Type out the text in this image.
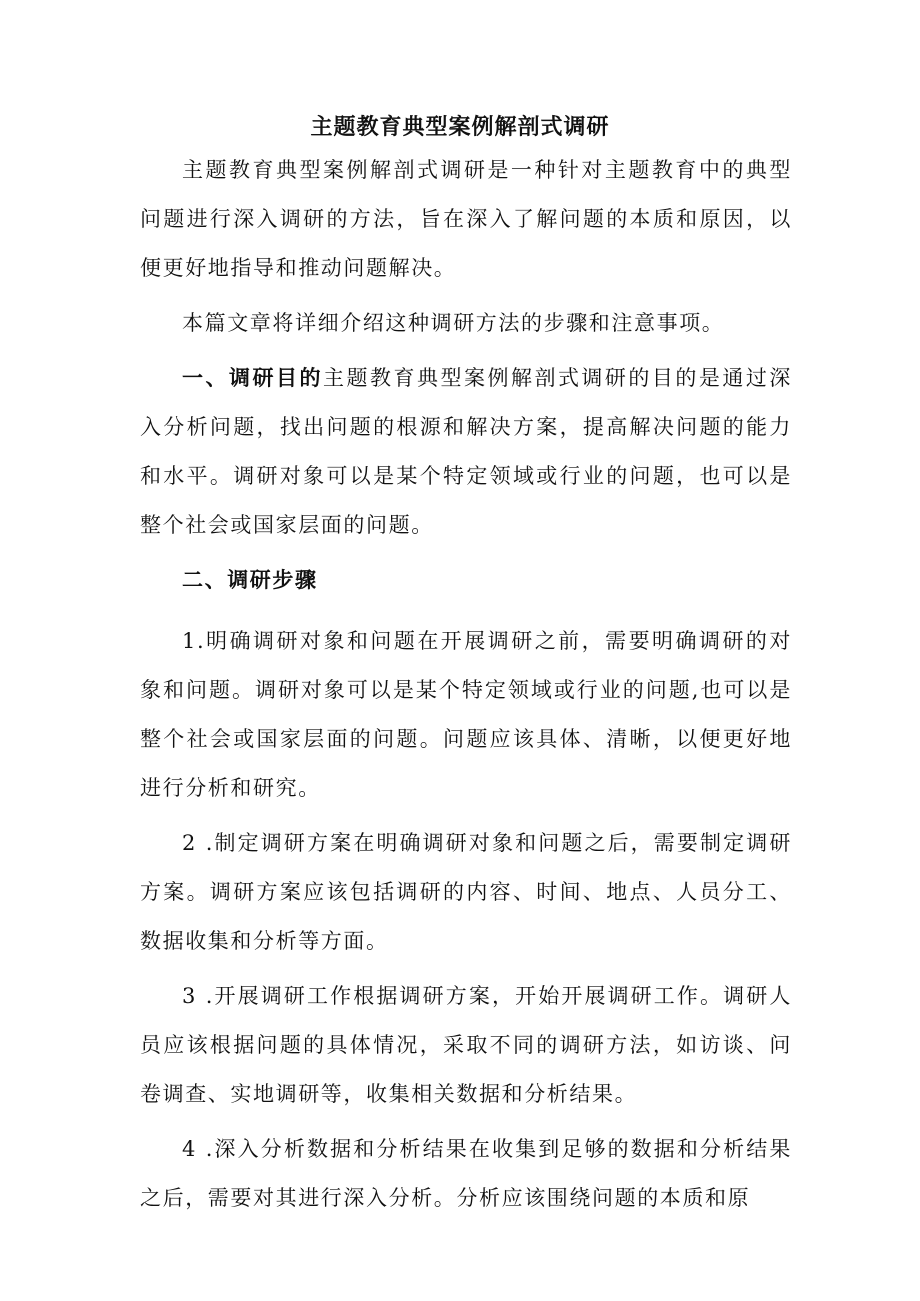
主题教育典型案例解剖式调研

主题教育典型案例解剖式调研是一种针对主题教育中的典型问题进行深入调研的方法，旨在深入了解问题的本质和原因，以便更好地指导和推动问题解决。

本篇文章将详细介绍这种调研方法的步骤和注意事项。

一、调研目的主题教育典型案例解剖式调研的目的是通过深入分析问题，找出问题的根源和解决方案，提高解决问题的能力和水平。调研对象可以是某个特定领域或行业的问题，也可以是整个社会或国家层面的问题。

二、调研步骤

1.明确调研对象和问题在开展调研之前，需要明确调研的对象和问题。调研对象可以是某个特定领域或行业的问题,也可以是整个社会或国家层面的问题。问题应该具体、清晰，以便更好地进行分析和研究。

2 .制定调研方案在明确调研对象和问题之后，需要制定调研方案。调研方案应该包括调研的内容、时间、地点、人员分工、数据收集和分析等方面。

3 .开展调研工作根据调研方案，开始开展调研工作。调研人员应该根据问题的具体情况，采取不同的调研方法，如访谈、问卷调查、实地调研等，收集相关数据和分析结果。

4 .深入分析数据和分析结果在收集到足够的数据和分析结果之后，需要对其进行深入分析。分析应该围绕问题的本质和原
